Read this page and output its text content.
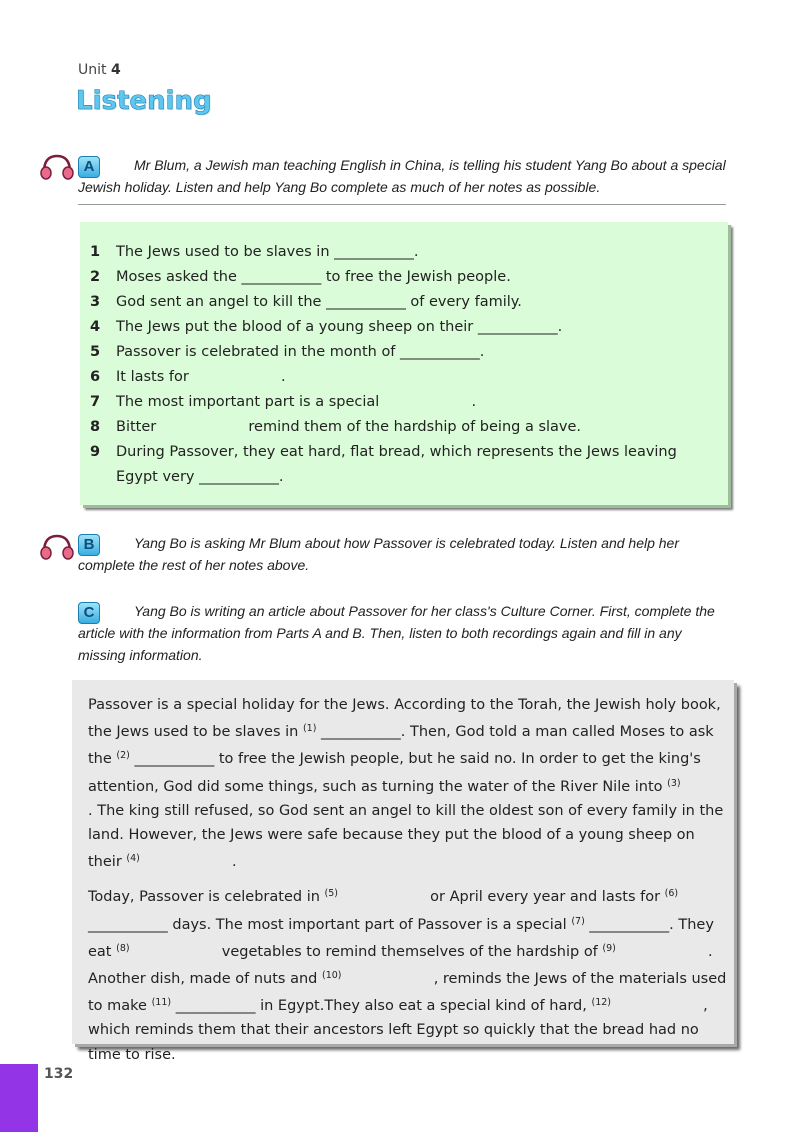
Unit 4
Listening
A	Mr Blum, a Jewish man teaching English in China, is telling his student Yang Bo about a special Jewish holiday. Listen and help Yang Bo complete as much of her notes as possible.

1 The Jews used to be slaves in ___________.
2 Moses asked the ___________ to free the Jewish people.
3 God sent an angel to kill the ___________ of every family.
4 The Jews put the blood of a young sheep on their ___________.
5 Passover is celebrated in the month of ___________.
6 It lasts for                    .
7 The most important part is a special                    .
8 Bitter                    remind them of the hardship of being a slave.
9 During Passover, they eat hard, flat bread, which represents the Jews leaving Egypt very ___________.
B	Yang Bo is asking Mr Blum about how Passover is celebrated today. Listen and help her complete the rest of her notes above.

C	Yang Bo is writing an article about Passover for her class's Culture Corner. First, complete the article with the information from Parts A and B. Then, listen to both recordings again and fill in any missing information.

Passover is a special holiday for the Jews. According to the Torah, the Jewish holy book, the Jews used to be slaves in $^{(1)}$ ___________. Then, God told a man called Moses to ask the $^{(2)}$ ___________ to free the Jewish people, but he said no. In order to get the king's attention, God did some things, such as turning the water of the River Nile into $^{(3)}$                    . The king still refused, so God sent an angel to kill the oldest son of every family in the land. However, the Jews were safe because they put the blood of a young sheep on their $^{(4)}$                    .

Today, Passover is celebrated in $^{(5)}$                    or April every year and lasts for $^{(6)}$ ___________ days. The most important part of Passover is a special $^{(7)}$ ___________. They eat $^{(8)}$                    vegetables to remind themselves of the hardship of $^{(9)}$                    . Another dish, made of nuts and $^{(10)}$                    , reminds the Jews of the materials used to make $^{(11)}$ ___________ in Egypt.They also eat a special kind of hard, $^{(12)}$                    , which reminds them that their ancestors left Egypt so quickly that the bread had no time to rise.

132
